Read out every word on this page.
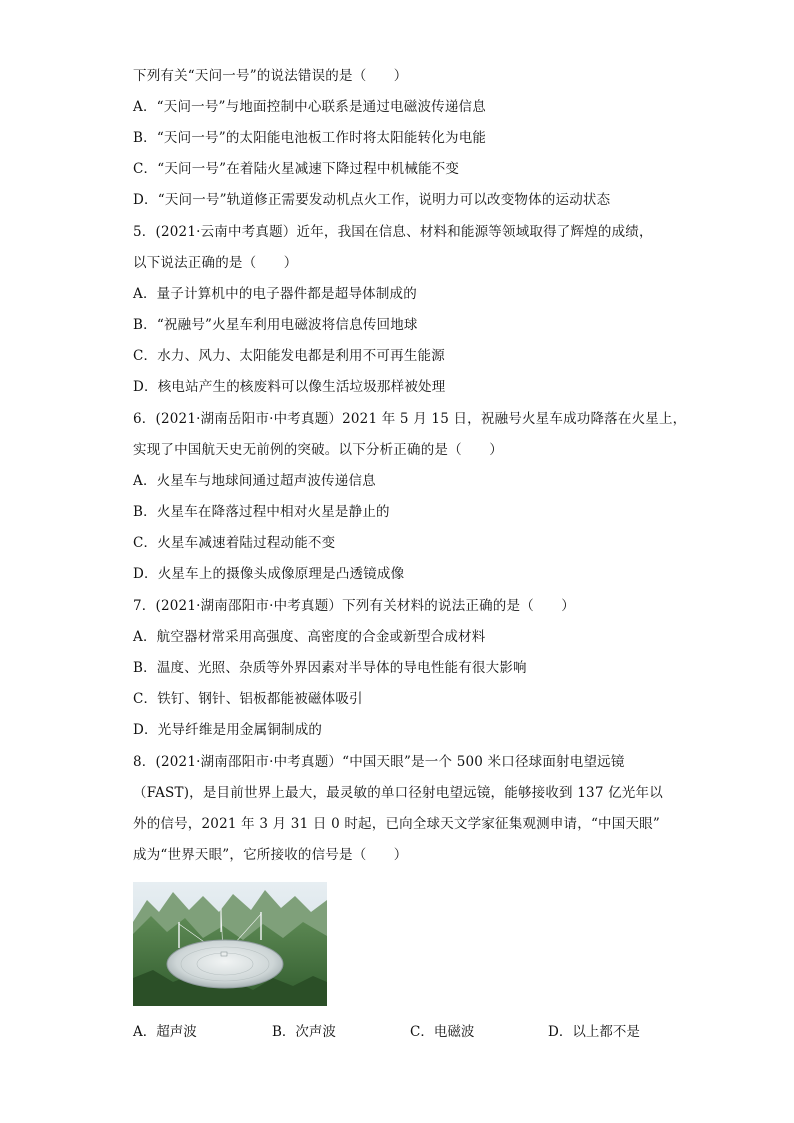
下列有关“天问一号”的说法错误的是（　　）
A．“天问一号”与地面控制中心联系是通过电磁波传递信息
B．“天问一号”的太阳能电池板工作时将太阳能转化为电能
C．“天问一号”在着陆火星减速下降过程中机械能不变
D．“天问一号”轨道修正需要发动机点火工作，说明力可以改变物体的运动状态
5．(2021·云南中考真题）近年，我国在信息、材料和能源等领域取得了辉煌的成绩，
以下说法正确的是（　　）
A．量子计算机中的电子器件都是超导体制成的
B．“祝融号”火星车利用电磁波将信息传回地球
C．水力、风力、太阳能发电都是利用不可再生能源
D．核电站产生的核废料可以像生活垃圾那样被处理
6．(2021·湖南岳阳市·中考真题）2021 年 5 月 15 日，祝融号火星车成功降落在火星上，
实现了中国航天史无前例的突破。以下分析正确的是（　　）
A．火星车与地球间通过超声波传递信息
B．火星车在降落过程中相对火星是静止的
C．火星车减速着陆过程动能不变
D．火星车上的摄像头成像原理是凸透镜成像
7．(2021·湖南邵阳市·中考真题）下列有关材料的说法正确的是（　　）
A．航空器材常采用高强度、高密度的合金或新型合成材料
B．温度、光照、杂质等外界因素对半导体的导电性能有很大影响
C．铁钉、钢针、铝板都能被磁体吸引
D．光导纤维是用金属铜制成的
8．(2021·湖南邵阳市·中考真题）“中国天眼”是一个 500 米口径球面射电望远镜
（FAST)，是目前世界上最大，最灵敏的单口径射电望远镜，能够接收到 137 亿光年以
外的信号，2021 年 3 月 31 日 0 时起，已向全球天文学家征集观测申请，“中国天眼”
成为“世界天眼”，它所接收的信号是（　　）
A．超声波	B．次声波	C．电磁波	D．以上都不是
